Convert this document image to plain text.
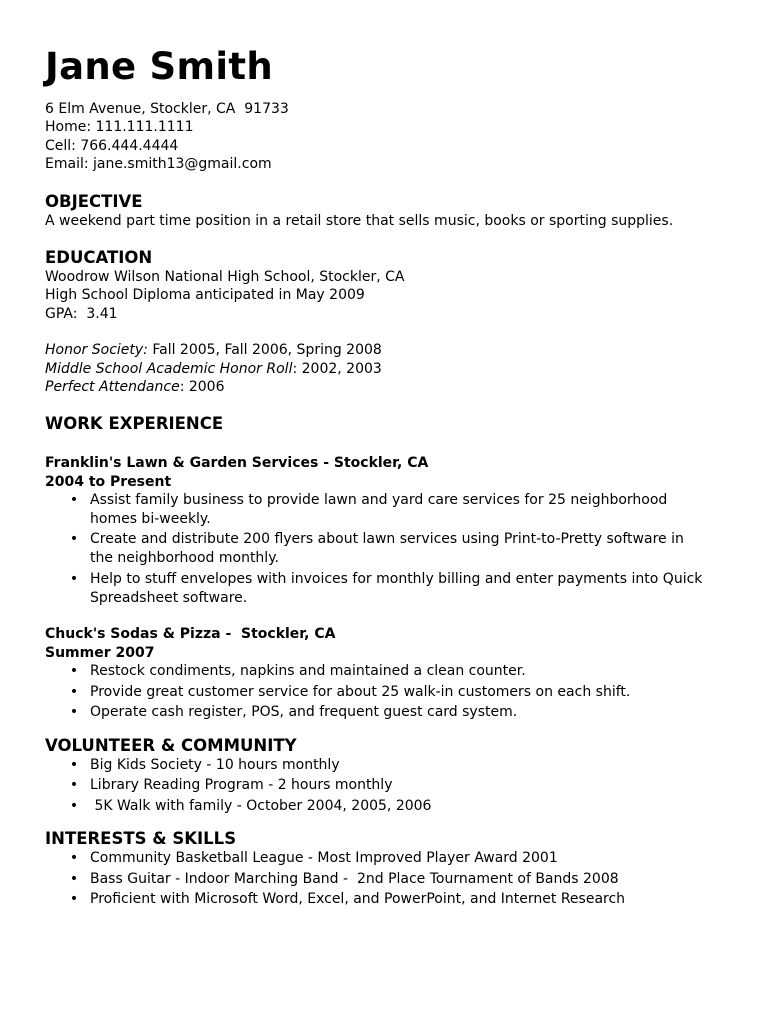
Jane Smith
6 Elm Avenue, Stockler, CA  91733
Home: 111.111.1111
Cell: 766.444.4444
Email: jane.smith13@gmail.com
OBJECTIVE
A weekend part time position in a retail store that sells music, books or sporting supplies.
EDUCATION
Woodrow Wilson National High School, Stockler, CA
High School Diploma anticipated in May 2009
GPA:  3.41
Honor Society: Fall 2005, Fall 2006, Spring 2008
Middle School Academic Honor Roll: 2002, 2003
Perfect Attendance: 2006
WORK EXPERIENCE
Franklin's Lawn & Garden Services - Stockler, CA
2004 to Present
• Assist family business to provide lawn and yard care services for 25 neighborhood homes bi-weekly.
• Create and distribute 200 flyers about lawn services using Print-to-Pretty software in the neighborhood monthly.
• Help to stuff envelopes with invoices for monthly billing and enter payments into Quick Spreadsheet software.
Chuck's Sodas & Pizza -  Stockler, CA
Summer 2007
• Restock condiments, napkins and maintained a clean counter.
• Provide great customer service for about 25 walk-in customers on each shift.
• Operate cash register, POS, and frequent guest card system.
VOLUNTEER & COMMUNITY
• Big Kids Society - 10 hours monthly
• Library Reading Program - 2 hours monthly
• 5K Walk with family - October 2004, 2005, 2006
INTERESTS & SKILLS
• Community Basketball League - Most Improved Player Award 2001
• Bass Guitar - Indoor Marching Band -  2nd Place Tournament of Bands 2008
• Proficient with Microsoft Word, Excel, and PowerPoint, and Internet Research
